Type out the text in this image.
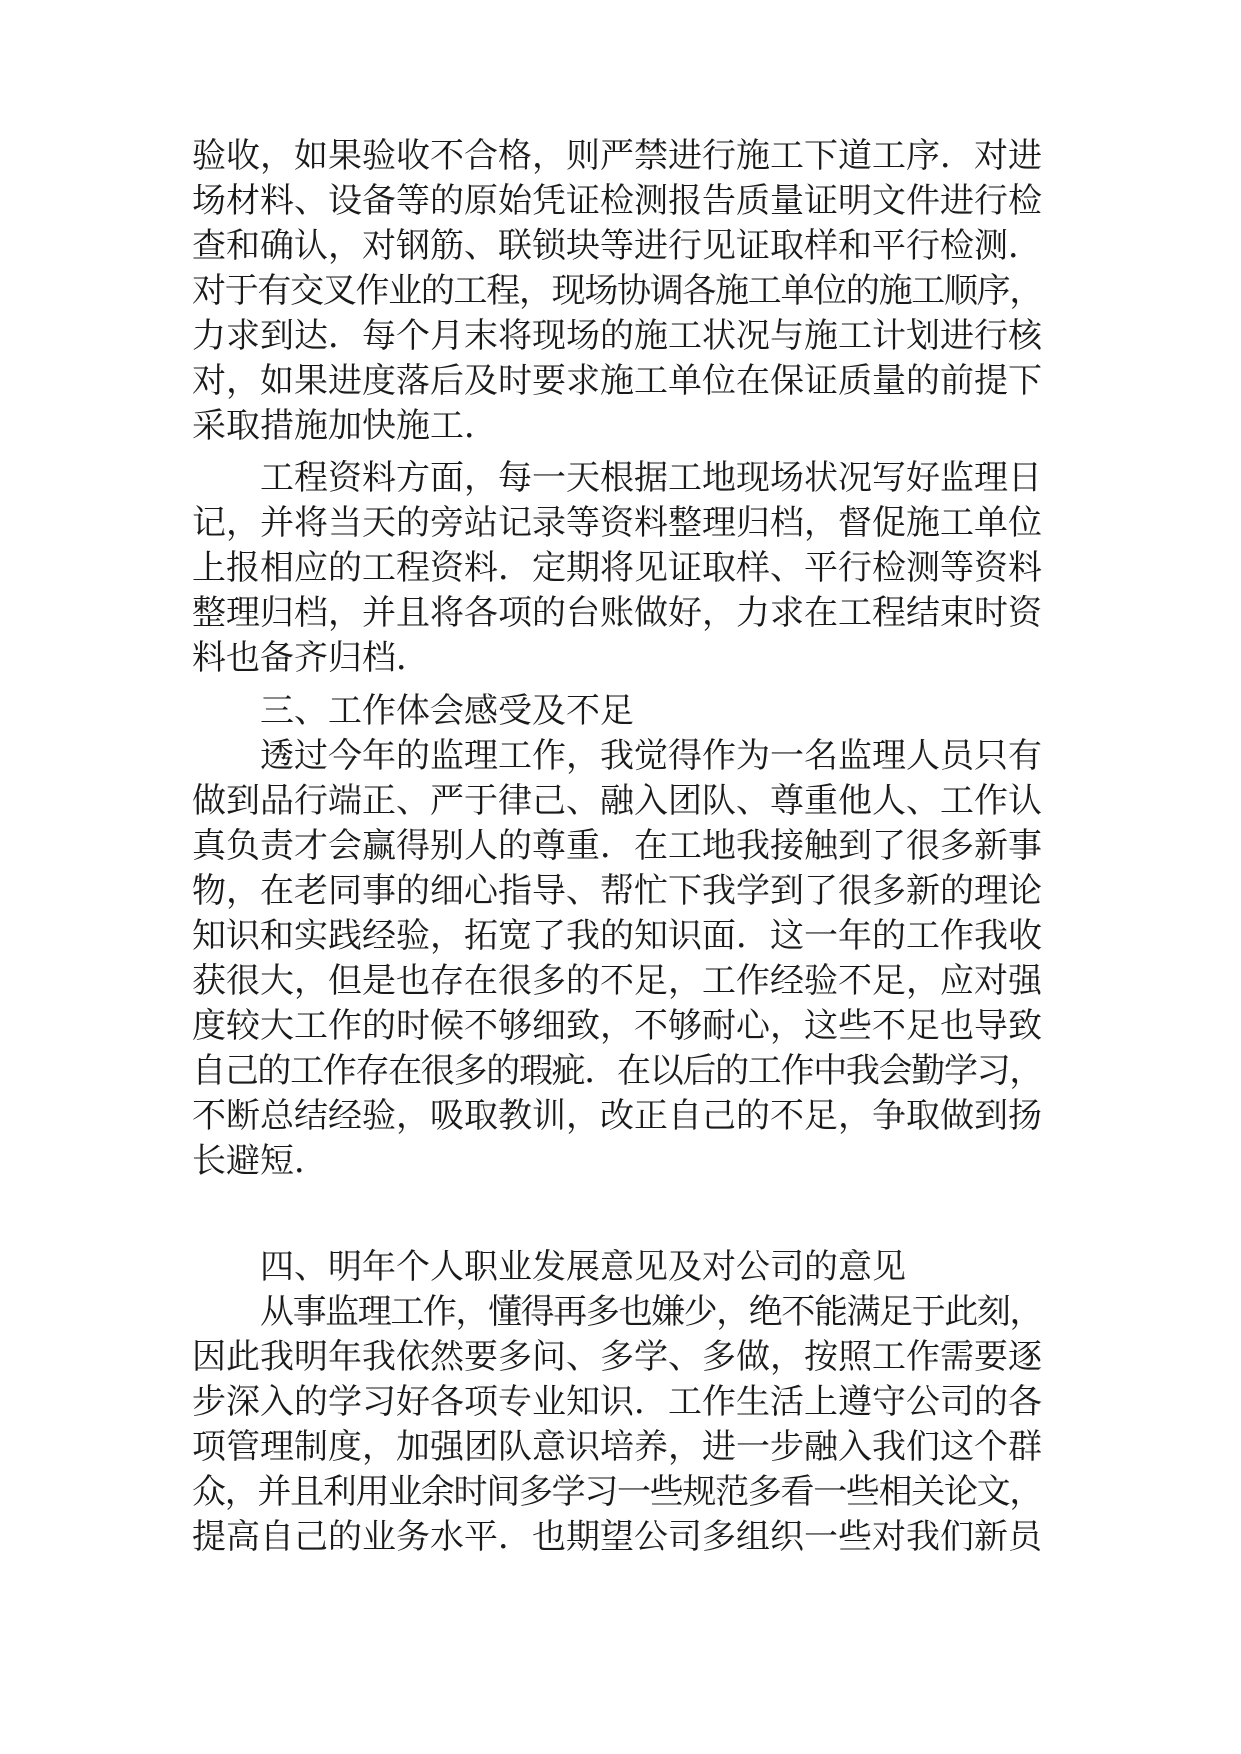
验收，如果验收不合格，则严禁进行施工下道工序．对进
场材料、设备等的原始凭证检测报告质量证明文件进行检
查和确认，对钢筋、联锁块等进行见证取样和平行检测．
对于有交叉作业的工程，现场协调各施工单位的施工顺序，
力求到达．每个月末将现场的施工状况与施工计划进行核
对，如果进度落后及时要求施工单位在保证质量的前提下
采取措施加快施工．
工程资料方面，每一天根据工地现场状况写好监理日
记，并将当天的旁站记录等资料整理归档，督促施工单位
上报相应的工程资料．定期将见证取样、平行检测等资料
整理归档，并且将各项的台账做好，力求在工程结束时资
料也备齐归档．
三、工作体会感受及不足
透过今年的监理工作，我觉得作为一名监理人员只有
做到品行端正、严于律己、融入团队、尊重他人、工作认
真负责才会赢得别人的尊重．在工地我接触到了很多新事
物，在老同事的细心指导、帮忙下我学到了很多新的理论
知识和实践经验，拓宽了我的知识面．这一年的工作我收
获很大，但是也存在很多的不足，工作经验不足，应对强
度较大工作的时候不够细致，不够耐心，这些不足也导致
自己的工作存在很多的瑕疵．在以后的工作中我会勤学习，
不断总结经验，吸取教训，改正自己的不足，争取做到扬
长避短．
四、明年个人职业发展意见及对公司的意见
从事监理工作，懂得再多也嫌少，绝不能满足于此刻，
因此我明年我依然要多问、多学、多做，按照工作需要逐
步深入的学习好各项专业知识．工作生活上遵守公司的各
项管理制度，加强团队意识培养，进一步融入我们这个群
众，并且利用业余时间多学习一些规范多看一些相关论文，
提高自己的业务水平．也期望公司多组织一些对我们新员
